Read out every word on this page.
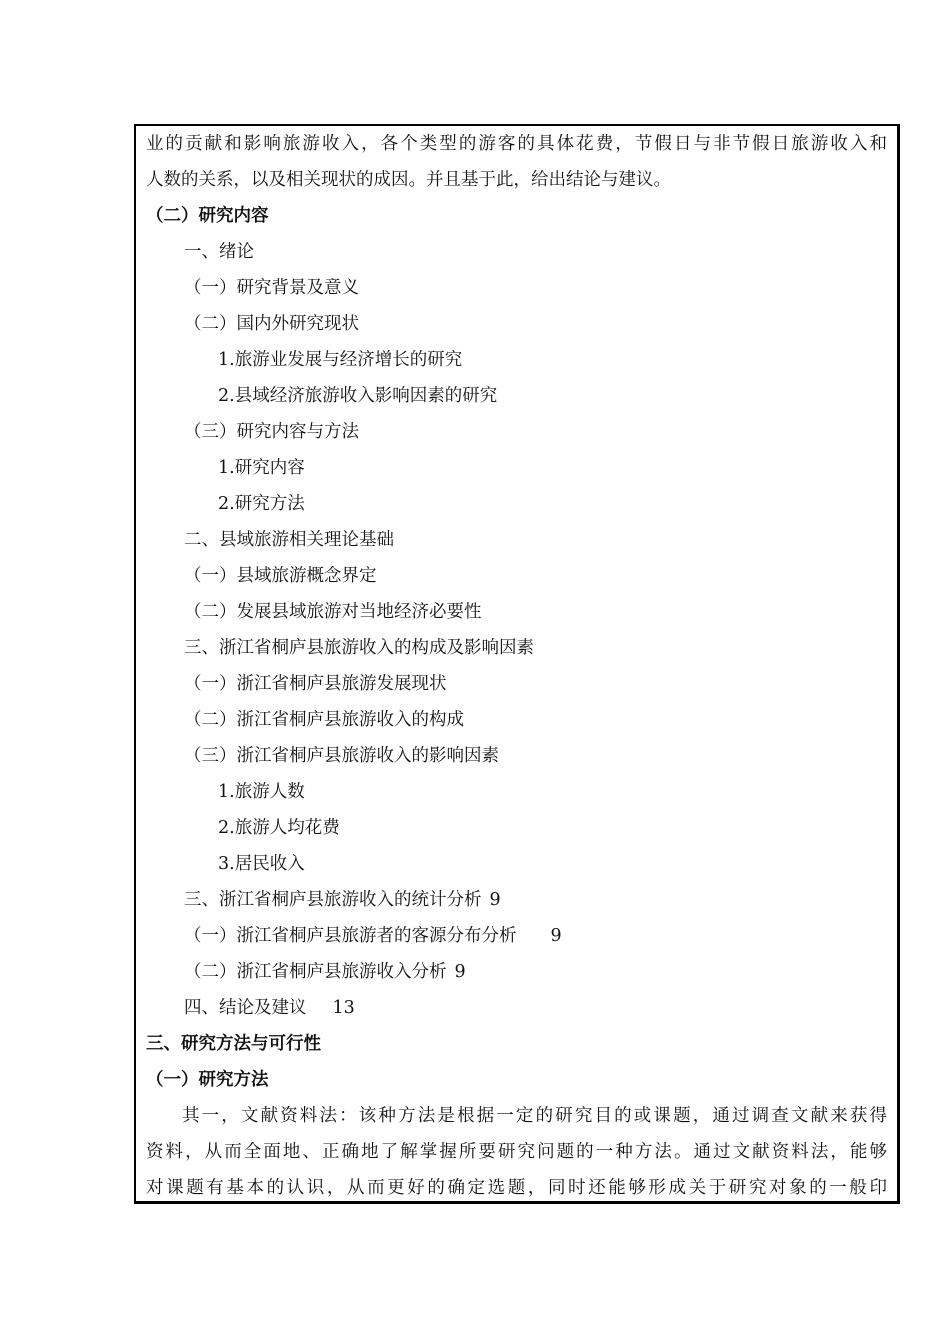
业的贡献和影响旅游收入，各个类型的游客的具体花费，节假日与非节假日旅游收入和
人数的关系，以及相关现状的成因。并且基于此，给出结论与建议。
（二）研究内容
一、绪论
（一）研究背景及意义
（二）国内外研究现状
1.旅游业发展与经济增长的研究
2.县域经济旅游收入影响因素的研究
（三）研究内容与方法
1.研究内容
2.研究方法
二、县域旅游相关理论基础
（一）县域旅游概念界定
（二）发展县域旅游对当地经济必要性
三、浙江省桐庐县旅游收入的构成及影响因素
（一）浙江省桐庐县旅游发展现状
（二）浙江省桐庐县旅游收入的构成
（三）浙江省桐庐县旅游收入的影响因素
1.旅游人数
2.旅游人均花费
3.居民收入
三、浙江省桐庐县旅游收入的统计分析 9
（一）浙江省桐庐县旅游者的客源分布分析 9
（二）浙江省桐庐县旅游收入分析 9
四、结论及建议 13
三、研究方法与可行性
（一）研究方法
其一，文献资料法：该种方法是根据一定的研究目的或课题，通过调查文献来获得
资料，从而全面地、正确地了解掌握所要研究问题的一种方法。通过文献资料法，能够
对课题有基本的认识，从而更好的确定选题，同时还能够形成关于研究对象的一般印
